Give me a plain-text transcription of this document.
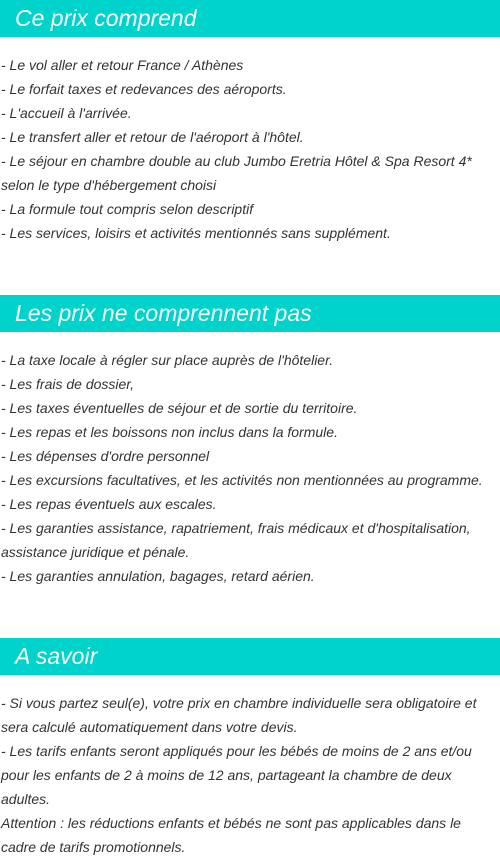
Ce prix comprend

- Le vol aller et retour France / Athènes

- Le forfait taxes et redevances des aéroports.

- L'accueil à l'arrivée.

- Le transfert aller et retour de l'aéroport à l'hôtel.

- Le séjour en chambre double au club Jumbo Eretria Hôtel & Spa Resort 4* selon le type d'hébergement choisi

- La formule tout compris selon descriptif

- Les services, loisirs et activités mentionnés sans supplément.

Les prix ne comprennent pas

- La taxe locale à régler sur place auprès de l'hôtelier.

- Les frais de dossier,

- Les taxes éventuelles de séjour et de sortie du territoire.

- Les repas et les boissons non inclus dans la formule.

- Les dépenses d'ordre personnel

- Les excursions facultatives, et les activités non mentionnées au programme.

- Les repas éventuels aux escales.

- Les garanties assistance, rapatriement, frais médicaux et d'hospitalisation, assistance juridique et pénale.

- Les garanties annulation, bagages, retard aérien.

A savoir

- Si vous partez seul(e), votre prix en chambre individuelle sera obligatoire et sera calculé automatiquement dans votre devis.

- Les tarifs enfants seront appliqués pour les bébés de moins de 2 ans et/ou pour les enfants de 2 à moins de 12 ans, partageant la chambre de deux adultes.

Attention : les réductions enfants et bébés ne sont pas applicables dans le cadre de tarifs promotionnels.
